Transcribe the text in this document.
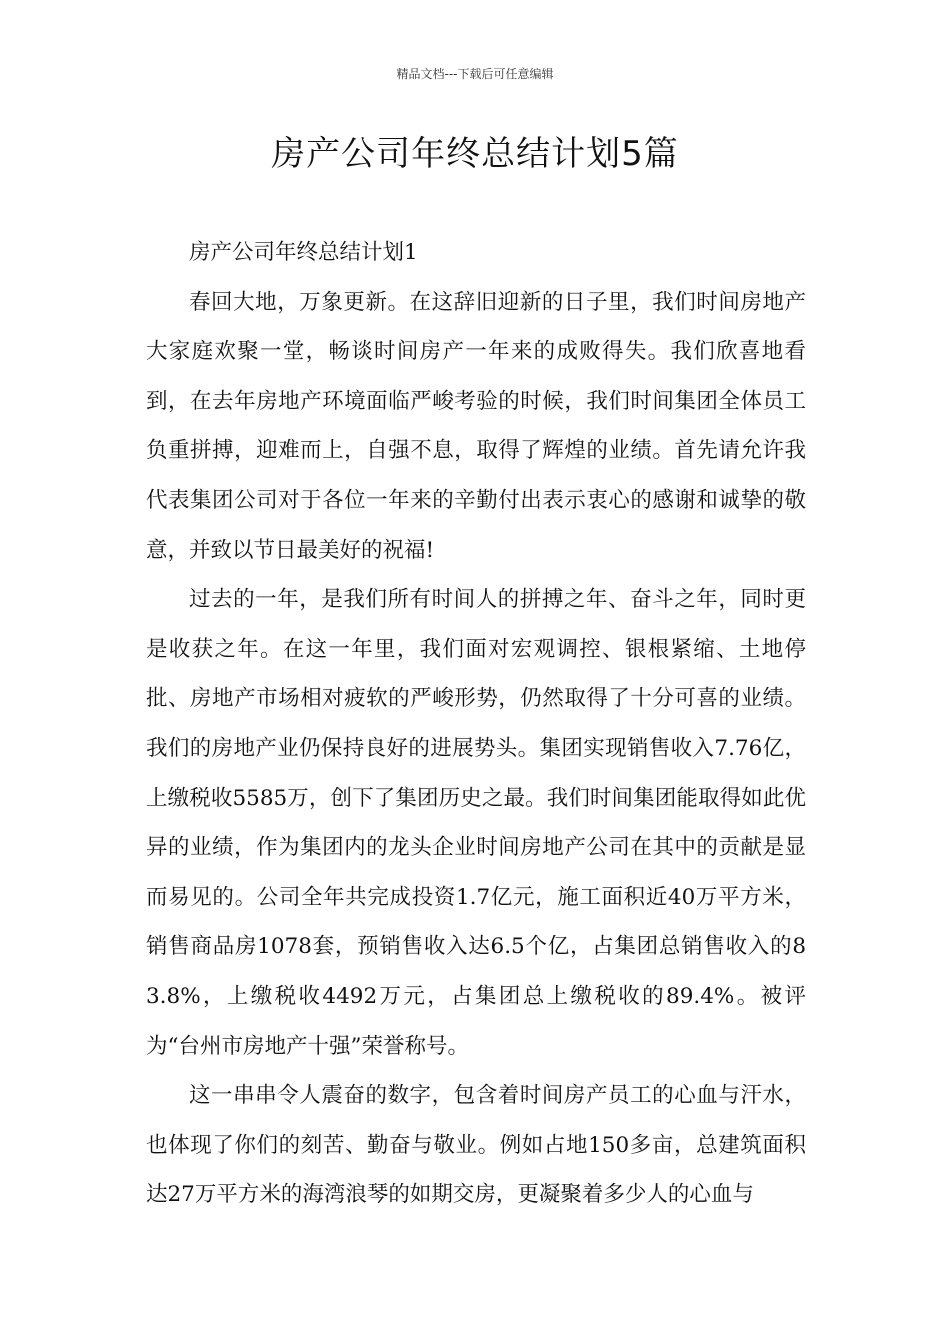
精品文档---下载后可任意编辑
房产公司年终总结计划5篇

房产公司年终总结计划1

春回大地，万象更新。在这辞旧迎新的日子里，我们时间房地产大家庭欢聚一堂，畅谈时间房产一年来的成败得失。我们欣喜地看到，在去年房地产环境面临严峻考验的时候，我们时间集团全体员工负重拼搏，迎难而上，自强不息，取得了辉煌的业绩。首先请允许我代表集团公司对于各位一年来的辛勤付出表示衷心的感谢和诚挚的敬意，并致以节日最美好的祝福!

过去的一年，是我们所有时间人的拼搏之年、奋斗之年，同时更是收获之年。在这一年里，我们面对宏观调控、银根紧缩、土地停批、房地产市场相对疲软的严峻形势，仍然取得了十分可喜的业绩。我们的房地产业仍保持良好的进展势头。集团实现销售收入7.76亿，上缴税收5585万，创下了集团历史之最。我们时间集团能取得如此优异的业绩，作为集团内的龙头企业时间房地产公司在其中的贡献是显而易见的。公司全年共完成投资1.7亿元，施工面积近40万平方米，销售商品房1078套，预销售收入达6.5个亿，占集团总销售收入的83.8%，上缴税收4492万元，占集团总上缴税收的89.4%。被评为“台州市房地产十强”荣誉称号。

这一串串令人震奋的数字，包含着时间房产员工的心血与汗水，也体现了你们的刻苦、勤奋与敬业。例如占地150多亩，总建筑面积达27万平方米的海湾浪琴的如期交房，更凝聚着多少人的心血与
